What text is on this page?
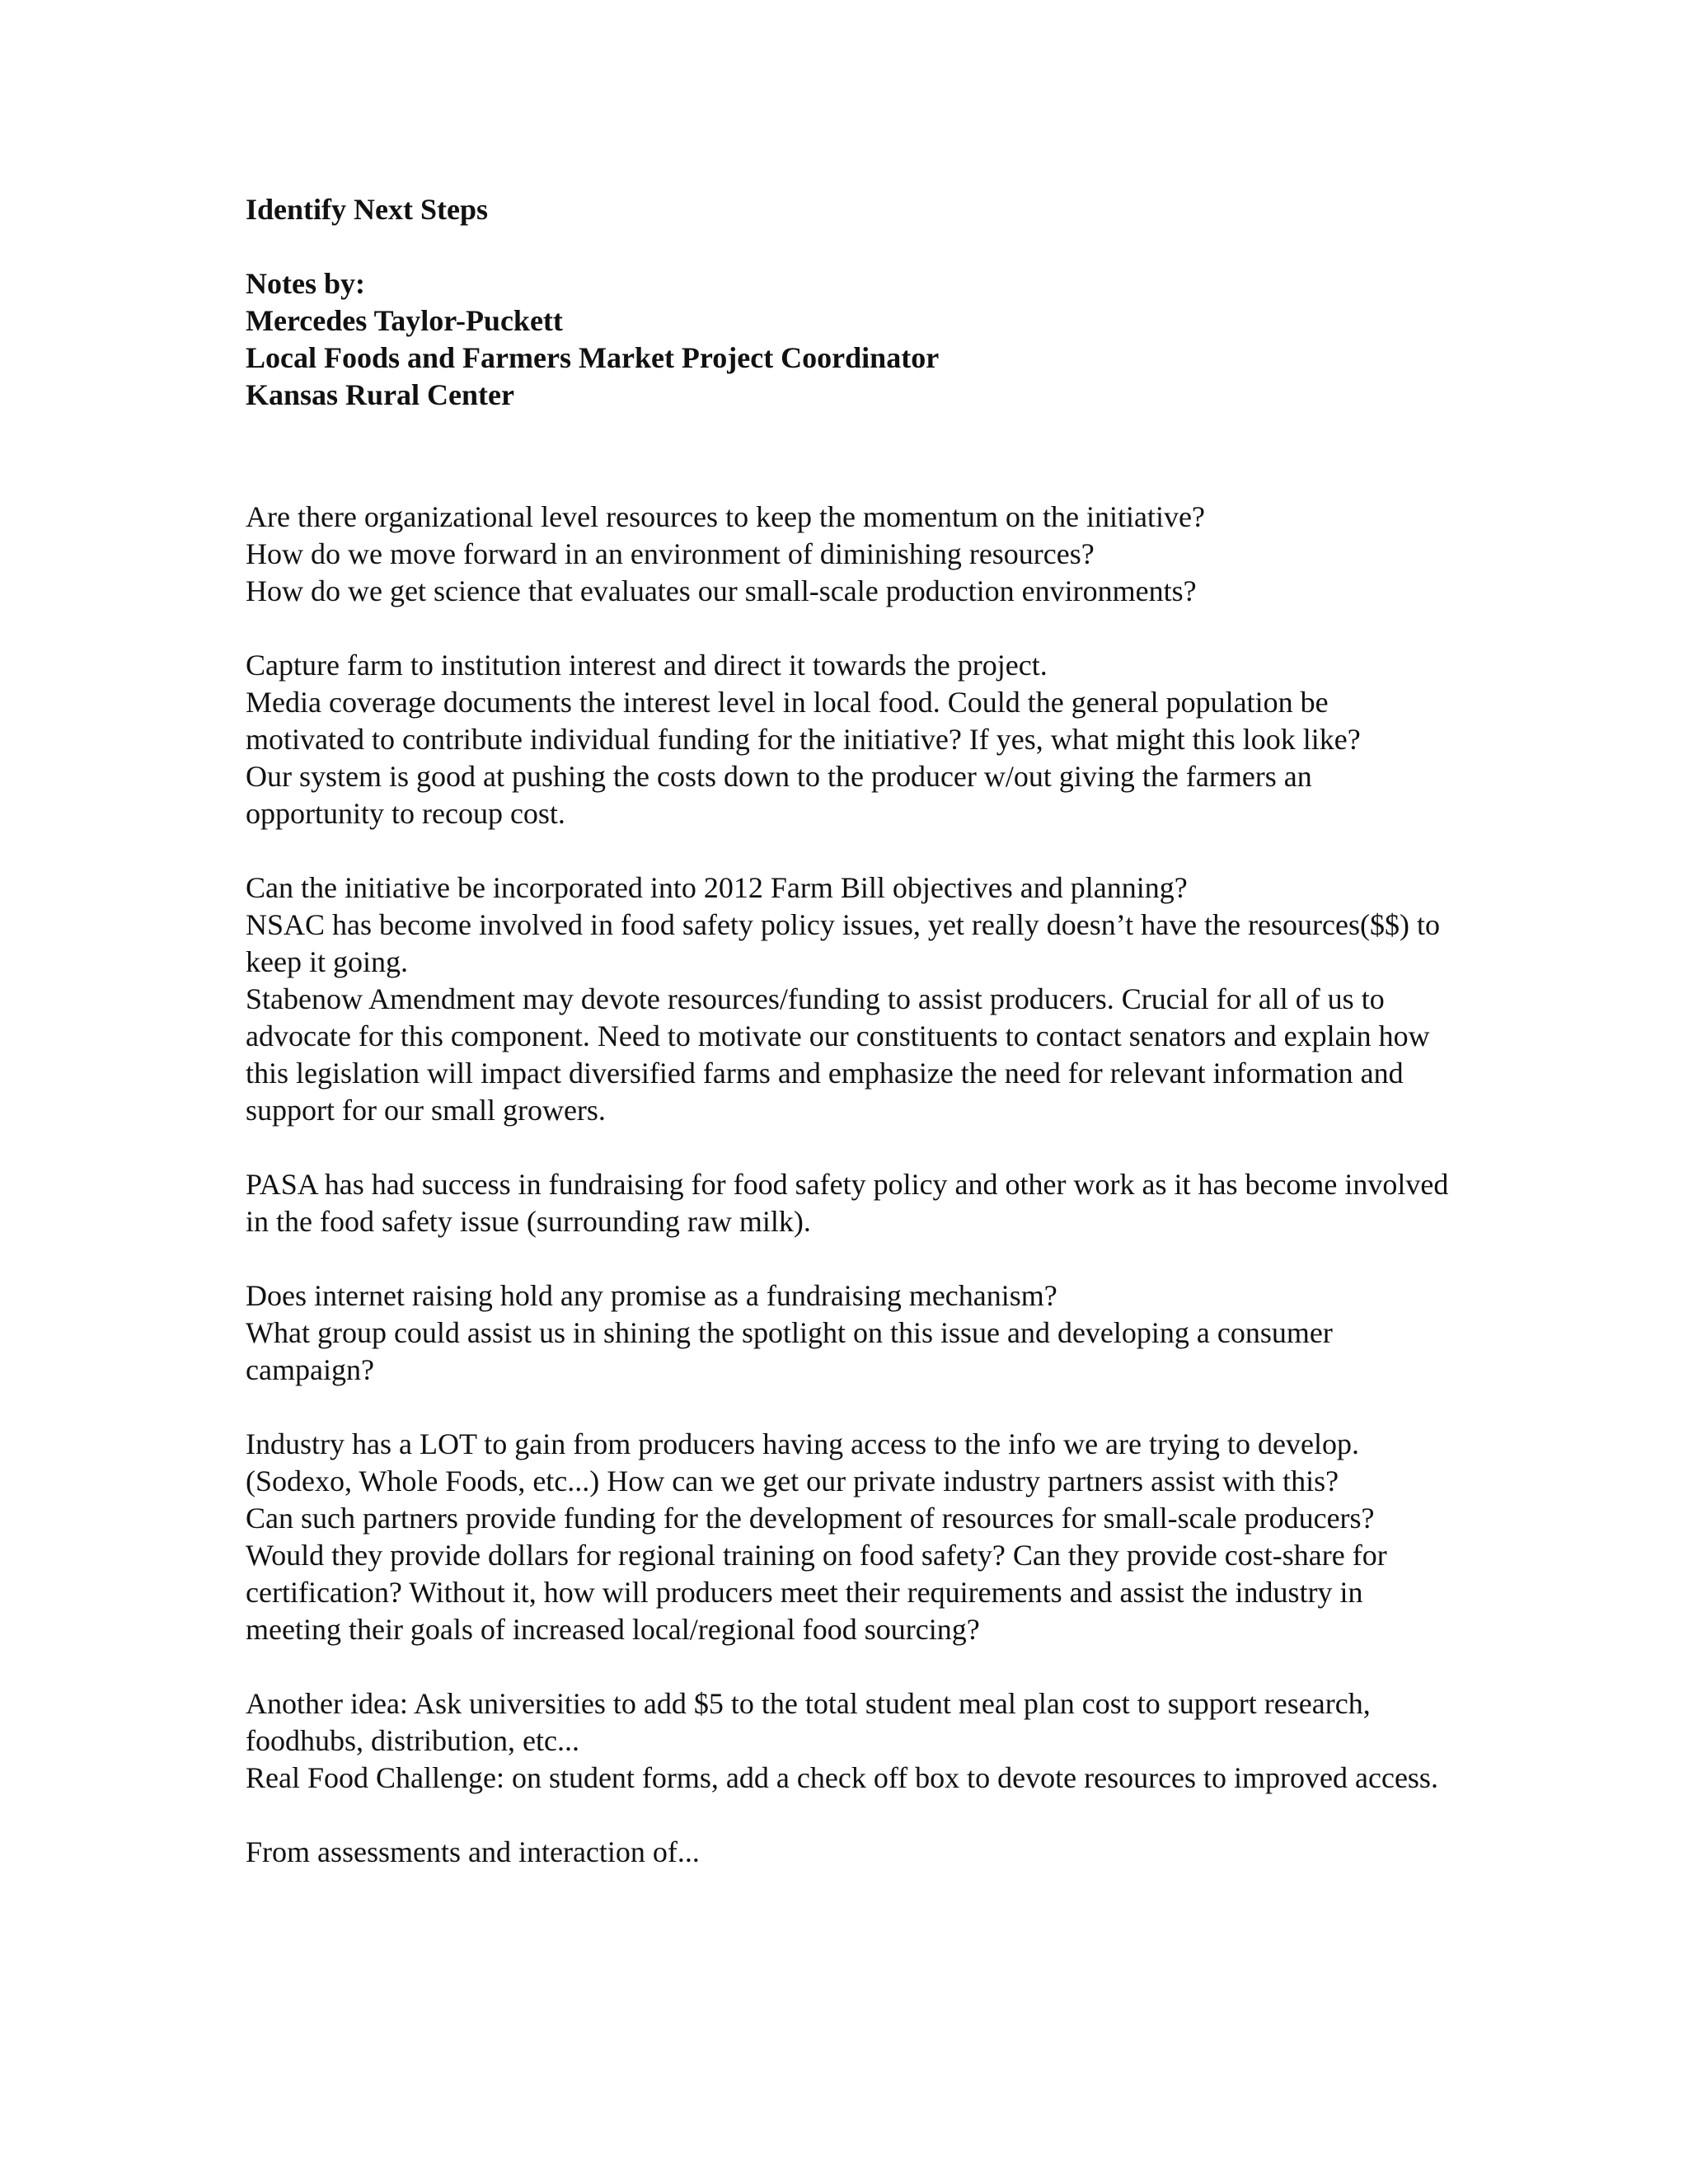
Identify Next Steps
Notes by:
Mercedes Taylor-Puckett
Local Foods and Farmers Market Project Coordinator
Kansas Rural Center
Are there organizational level resources to keep the momentum on the initiative?
How do we move forward in an environment of diminishing resources?
How do we get science that evaluates our small-scale production environments?
Capture farm to institution interest and direct it towards the project.
Media coverage documents the interest level in local food. Could the general population be motivated to contribute individual funding for the initiative? If yes, what might this look like?
Our system is good at pushing the costs down to the producer w/out giving the farmers an opportunity to recoup cost.
Can the initiative be incorporated into 2012 Farm Bill objectives and planning?
NSAC has become involved in food safety policy issues, yet really doesn’t have the resources($$) to keep it going.
Stabenow Amendment may devote resources/funding to assist producers. Crucial for all of us to advocate for this component. Need to motivate our constituents to contact senators and explain how this legislation will impact diversified farms and emphasize the need for relevant information and support for our small growers.
PASA has had success in fundraising for food safety policy and other work as it has become involved in the food safety issue (surrounding raw milk).
Does internet raising hold any promise as a fundraising mechanism?
What group could assist us in shining the spotlight on this issue and developing a consumer campaign?
Industry has a LOT to gain from producers having access to the info we are trying to develop. (Sodexo, Whole Foods, etc...) How can we get our private industry partners assist with this?
Can such partners provide funding for the development of resources for small-scale producers? Would they provide dollars for regional training on food safety? Can they provide cost-share for certification? Without it, how will producers meet their requirements and assist the industry in meeting their goals of increased local/regional food sourcing?
Another idea: Ask universities to add $5 to the total student meal plan cost to support research, foodhubs, distribution, etc...
Real Food Challenge: on student forms, add a check off box to devote resources to improved access.
From assessments and interaction of...
